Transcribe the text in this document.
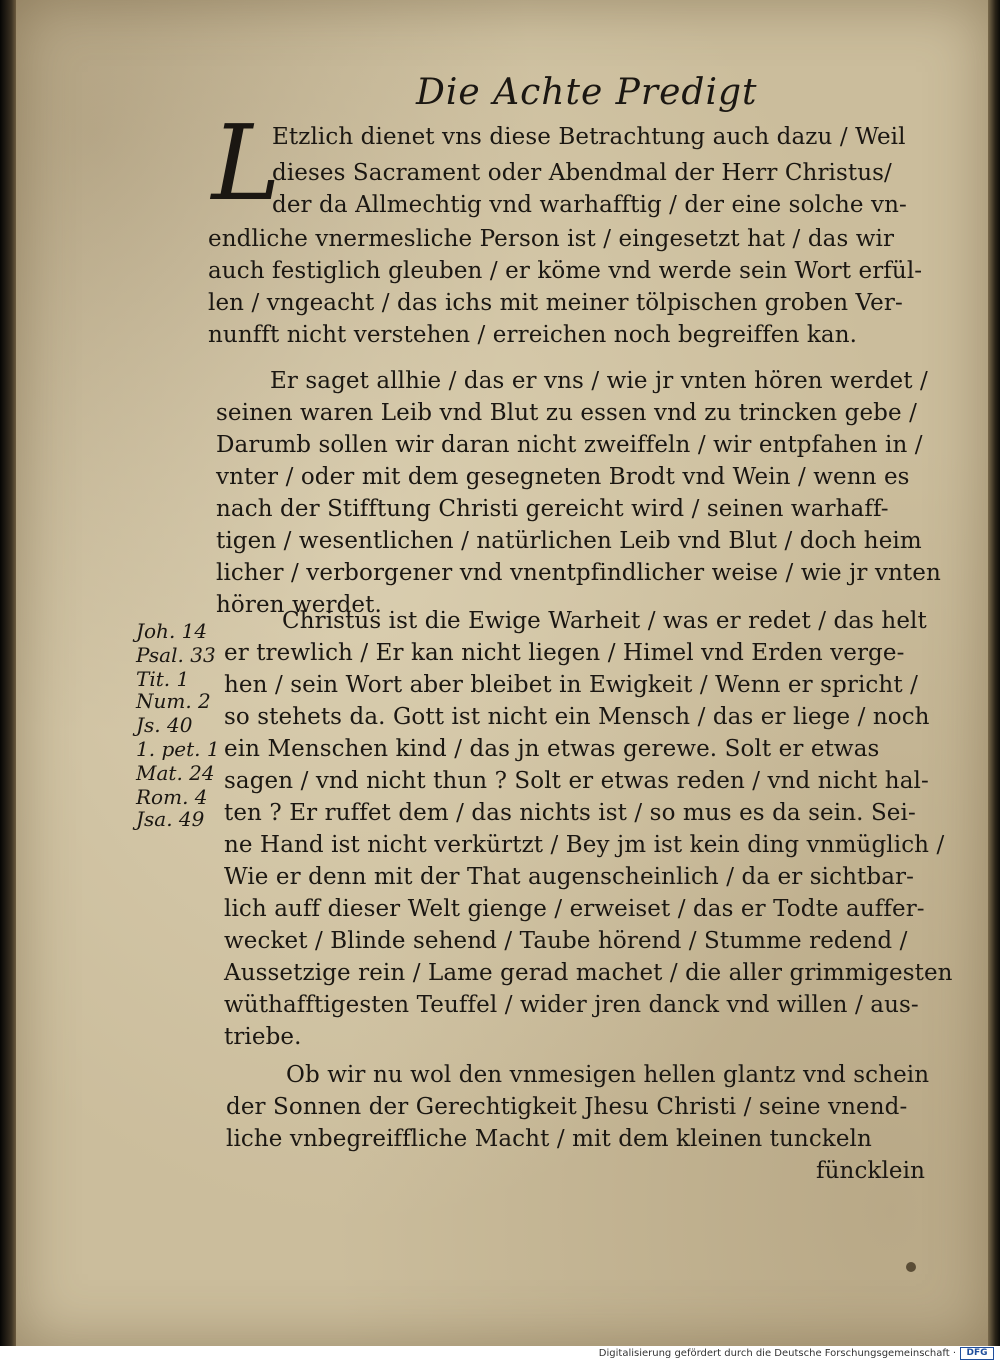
Die Achte Predigt
L
Etzlich dienet vns diese Betrachtung auch dazu / Weil
dieses Sacrament oder Abendmal der Herr Christus/
der da Allmechtig vnd warhafftig / der eine solche vn-
endliche vnermesliche Person ist / eingesetzt hat / das wir
auch festiglich gleuben / er köme vnd werde sein Wort erfül-
len / vngeacht / das ichs mit meiner tölpischen groben Ver-
nunfft nicht verstehen / erreichen noch begreiffen kan.
Er saget allhie / das er vns / wie jr vnten hören werdet /
seinen waren Leib vnd Blut zu essen vnd zu trincken gebe /
Darumb sollen wir daran nicht zweiffeln / wir entpfahen in /
vnter / oder mit dem gesegneten Brodt vnd Wein / wenn es
nach der Stifftung Christi gereicht wird / seinen warhaff-
tigen / wesentlichen / natürlichen Leib vnd Blut / doch heim
licher / verborgener vnd vnentpfindlicher weise / wie jr vnten
hören werdet.
Joh. 14
Psal. 33
Tit. 1
Num. 2
Js. 40
1. pet. 1
Mat. 24
Rom. 4
Jsa. 49
Christus ist die Ewige Warheit / was er redet / das helt
er trewlich / Er kan nicht liegen / Himel vnd Erden verge-
hen / sein Wort aber bleibet in Ewigkeit / Wenn er spricht /
so stehets da. Gott ist nicht ein Mensch / das er liege / noch
ein Menschen kind / das jn etwas gerewe. Solt er etwas
sagen / vnd nicht thun ? Solt er etwas reden / vnd nicht hal-
ten ? Er ruffet dem / das nichts ist / so mus es da sein. Sei-
ne Hand ist nicht verkürtzt / Bey jm ist kein ding vnmüglich /
Wie er denn mit der That augenscheinlich / da er sichtbar-
lich auff dieser Welt gienge / erweiset / das er Todte auffer-
wecket / Blinde sehend / Taube hörend / Stumme redend /
Aussetzige rein / Lame gerad machet / die aller grimmigesten
wüthafftigesten Teuffel / wider jren danck vnd willen / aus-
triebe.
Ob wir nu wol den vnmesigen hellen glantz vnd schein
der Sonnen der Gerechtigkeit Jhesu Christi / seine vnend-
liche vnbegreiffliche Macht / mit dem kleinen tunckeln
füncklein
Digitalisierung gefördert durch die Deutsche Forschungsgemeinschaft ·	DFG
